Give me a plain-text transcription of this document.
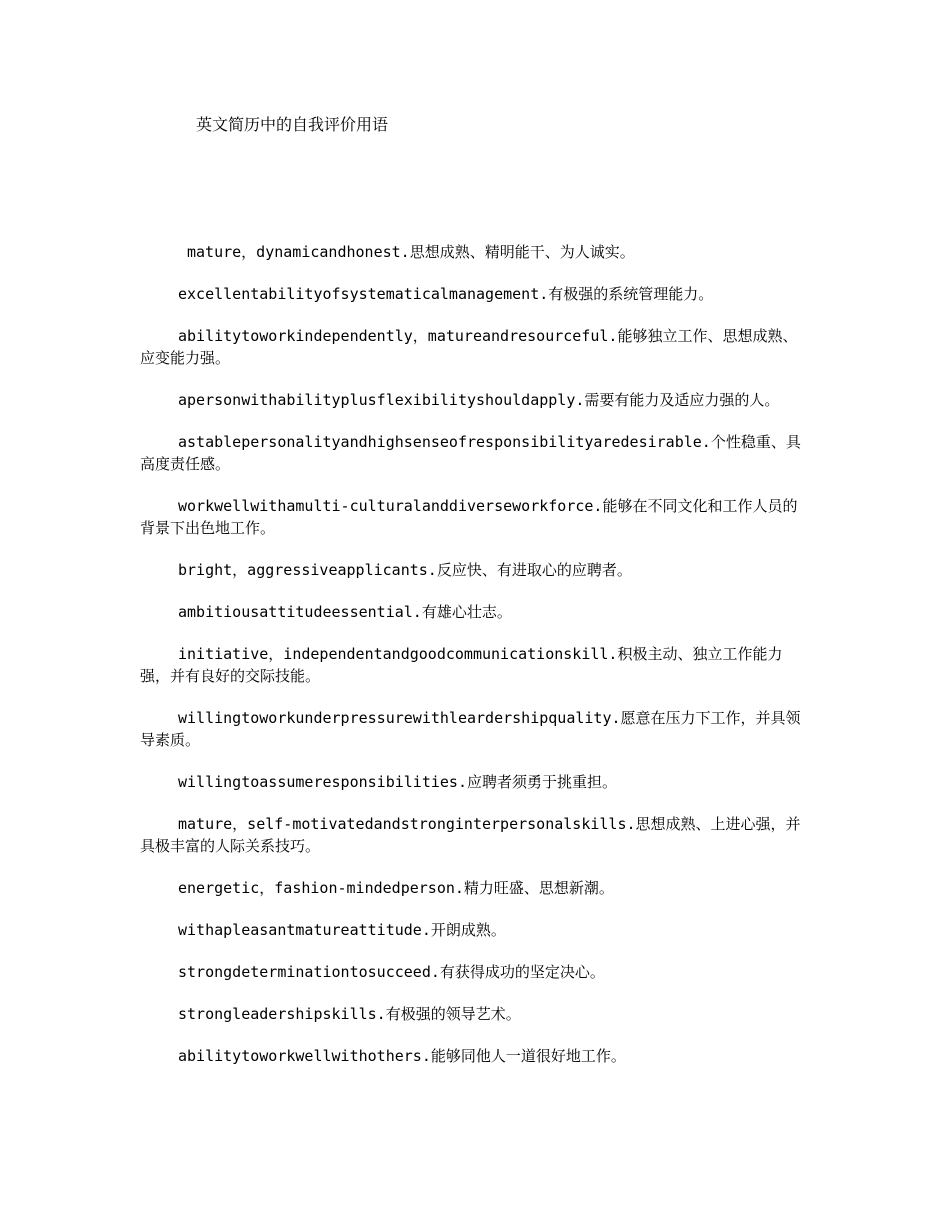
英文简历中的自我评价用语
mature，dynamicandhonest.思想成熟、精明能干、为人诚实。
excellentabilityofsystematicalmanagement.有极强的系统管理能力。
abilitytoworkindependently，matureandresourceful.能够独立工作、思想成熟、应变能力强。
apersonwithabilityplusflexibilityshouldapply.需要有能力及适应力强的人。
astablepersonalityandhighsenseofresponsibilityaredesirable.个性稳重、具高度责任感。
workwellwithamulti-culturalanddiverseworkforce.能够在不同文化和工作人员的背景下出色地工作。
bright，aggressiveapplicants.反应快、有进取心的应聘者。
ambitiousattitudeessential.有雄心壮志。
initiative，independentandgoodcommunicationskill.积极主动、独立工作能力强，并有良好的交际技能。
willingtoworkunderpressurewithleardershipquality.愿意在压力下工作，并具领导素质。
willingtoassumeresponsibilities.应聘者须勇于挑重担。
mature，self-motivatedandstronginterpersonalskills.思想成熟、上进心强，并具极丰富的人际关系技巧。
energetic，fashion-mindedperson.精力旺盛、思想新潮。
withapleasantmatureattitude.开朗成熟。
strongdeterminationtosucceed.有获得成功的坚定决心。
strongleadershipskills.有极强的领导艺术。
abilitytoworkwellwithothers.能够同他人一道很好地工作。
